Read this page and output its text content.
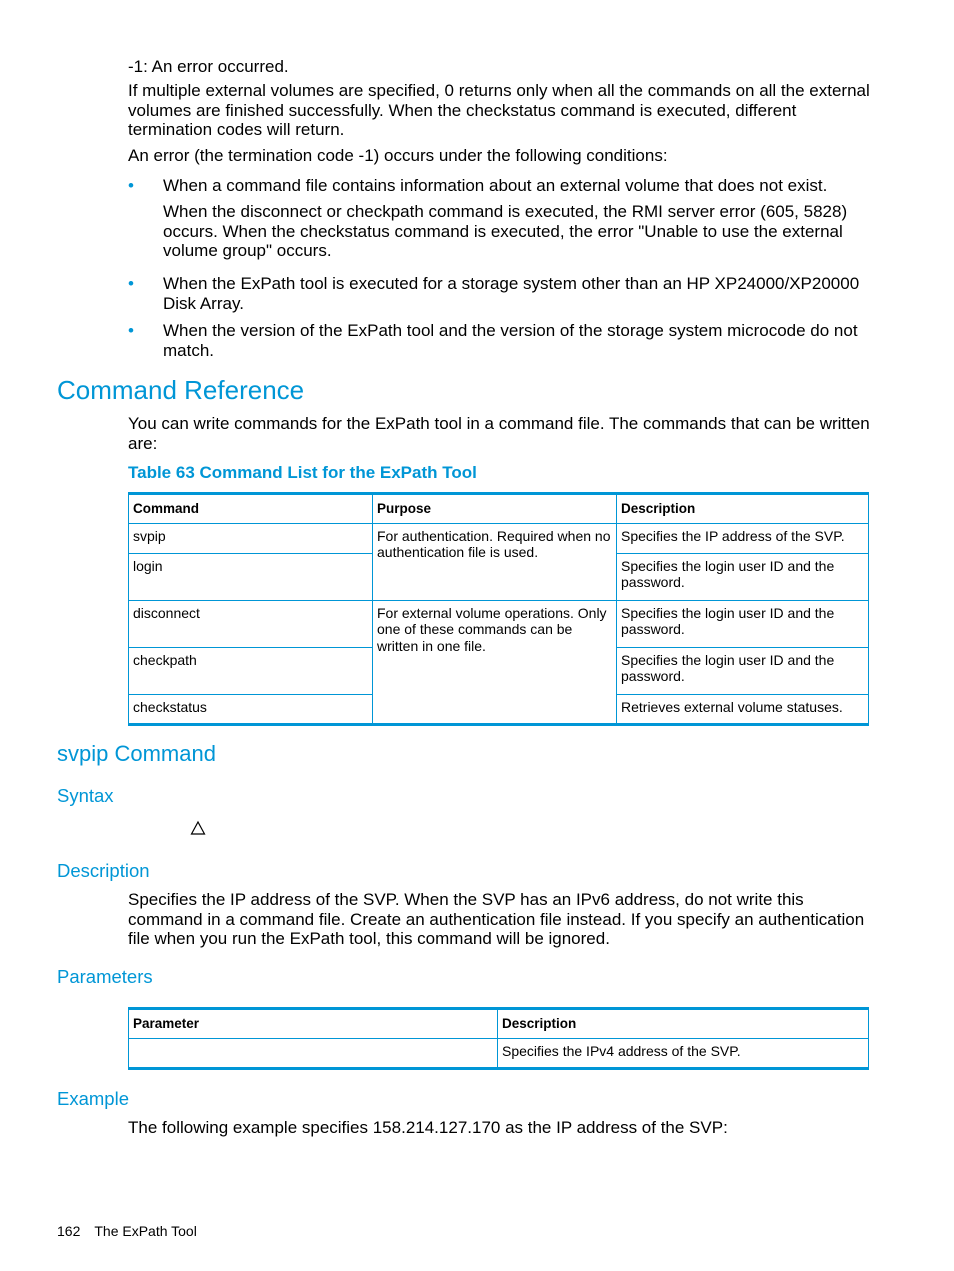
-1: An error occurred.

If multiple external volumes are specified, 0 returns only when all the commands on all the external volumes are finished successfully. When the checkstatus command is executed, different termination codes will return.

An error (the termination code -1) occurs under the following conditions:

• When a command file contains information about an external volume that does not exist.

When the disconnect or checkpath command is executed, the RMI server error (605, 5828) occurs. When the checkstatus command is executed, the error "Unable to use the external volume group" occurs.

• When the ExPath tool is executed for a storage system other than an HP XP24000/XP20000 Disk Array.

• When the version of the ExPath tool and the version of the storage system microcode do not match.

Command Reference

You can write commands for the ExPath tool in a command file. The commands that can be written are:

Table 63 Command List for the ExPath Tool
Command	Purpose	Description
svpip	For authentication. Required when no authentication file is used.	Specifies the IP address of the SVP.
login		Specifies the login user ID and the password.
disconnect	For external volume operations. Only one of these commands can be written in one file.	Specifies the login user ID and the password.
checkpath		Specifies the login user ID and the password.
checkstatus		Retrieves external volume statuses.
svpip Command
Syntax
Description

Specifies the IP address of the SVP. When the SVP has an IPv6 address, do not write this command in a command file. Create an authentication file instead. If you specify an authentication file when you run the ExPath tool, this command will be ignored.

Parameters
Parameter	Description
	Specifies the IPv4 address of the SVP.
Example

The following example specifies 158.214.127.170 as the IP address of the SVP:

162 The ExPath Tool
